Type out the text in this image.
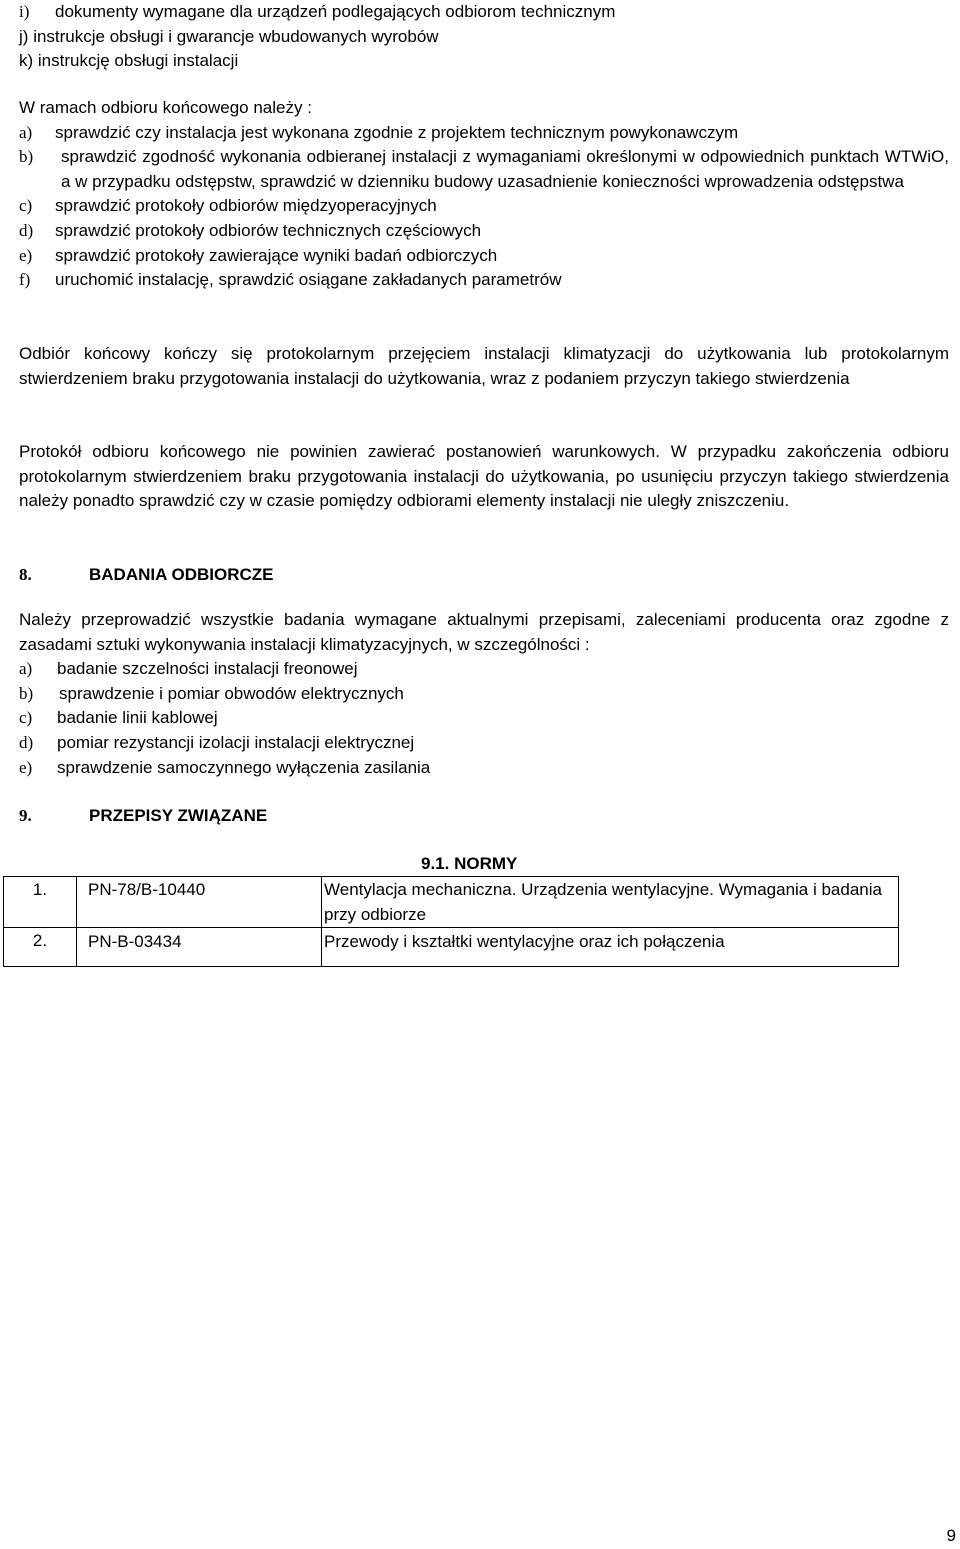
i) dokumenty wymagane dla urządzeń podlegających odbiorom technicznym
j) instrukcje obsługi i gwarancje wbudowanych wyrobów
k) instrukcję obsługi instalacji
W ramach odbioru końcowego należy :
a) sprawdzić czy instalacja jest wykonana zgodnie z projektem technicznym powykonawczym
b) sprawdzić zgodność wykonania odbieranej instalacji z wymaganiami określonymi w odpowiednich punktach WTWiO, a w przypadku odstępstw, sprawdzić w dzienniku budowy uzasadnienie konieczności wprowadzenia odstępstwa
c) sprawdzić protokoły odbiorów międzyoperacyjnych
d) sprawdzić protokoły odbiorów technicznych częściowych
e) sprawdzić protokoły zawierające wyniki badań odbiorczych
f) uruchomić instalację, sprawdzić osiągane zakładanych parametrów
Odbiór końcowy kończy się protokolarnym przejęciem instalacji klimatyzacji do użytkowania lub protokolarnym stwierdzeniem braku przygotowania instalacji do użytkowania, wraz z podaniem przyczyn takiego stwierdzenia
Protokół odbioru końcowego nie powinien zawierać postanowień warunkowych. W przypadku zakończenia odbioru protokolarnym stwierdzeniem braku przygotowania instalacji do użytkowania, po usunięciu przyczyn takiego stwierdzenia należy ponadto sprawdzić czy w czasie pomiędzy odbiorami elementy instalacji nie uległy zniszczeniu.
8.	BADANIA ODBIORCZE
Należy przeprowadzić wszystkie badania wymagane aktualnymi przepisami, zaleceniami producenta oraz zgodne z zasadami sztuki wykonywania instalacji klimatyzacyjnych, w szczególności :
a) badanie szczelności instalacji freonowej
b) sprawdzenie i pomiar obwodów elektrycznych
c) badanie linii kablowej
d) pomiar rezystancji izolacji instalacji elektrycznej
e) sprawdzenie samoczynnego wyłączenia zasilania
9.	PRZEPISY ZWIĄZANE
9.1. NORMY
1.	PN-78/B-10440	Wentylacja mechaniczna. Urządzenia wentylacyjne. Wymagania i badania przy odbiorze
2.	PN-B-03434	Przewody i kształtki wentylacyjne oraz ich połączenia
9
